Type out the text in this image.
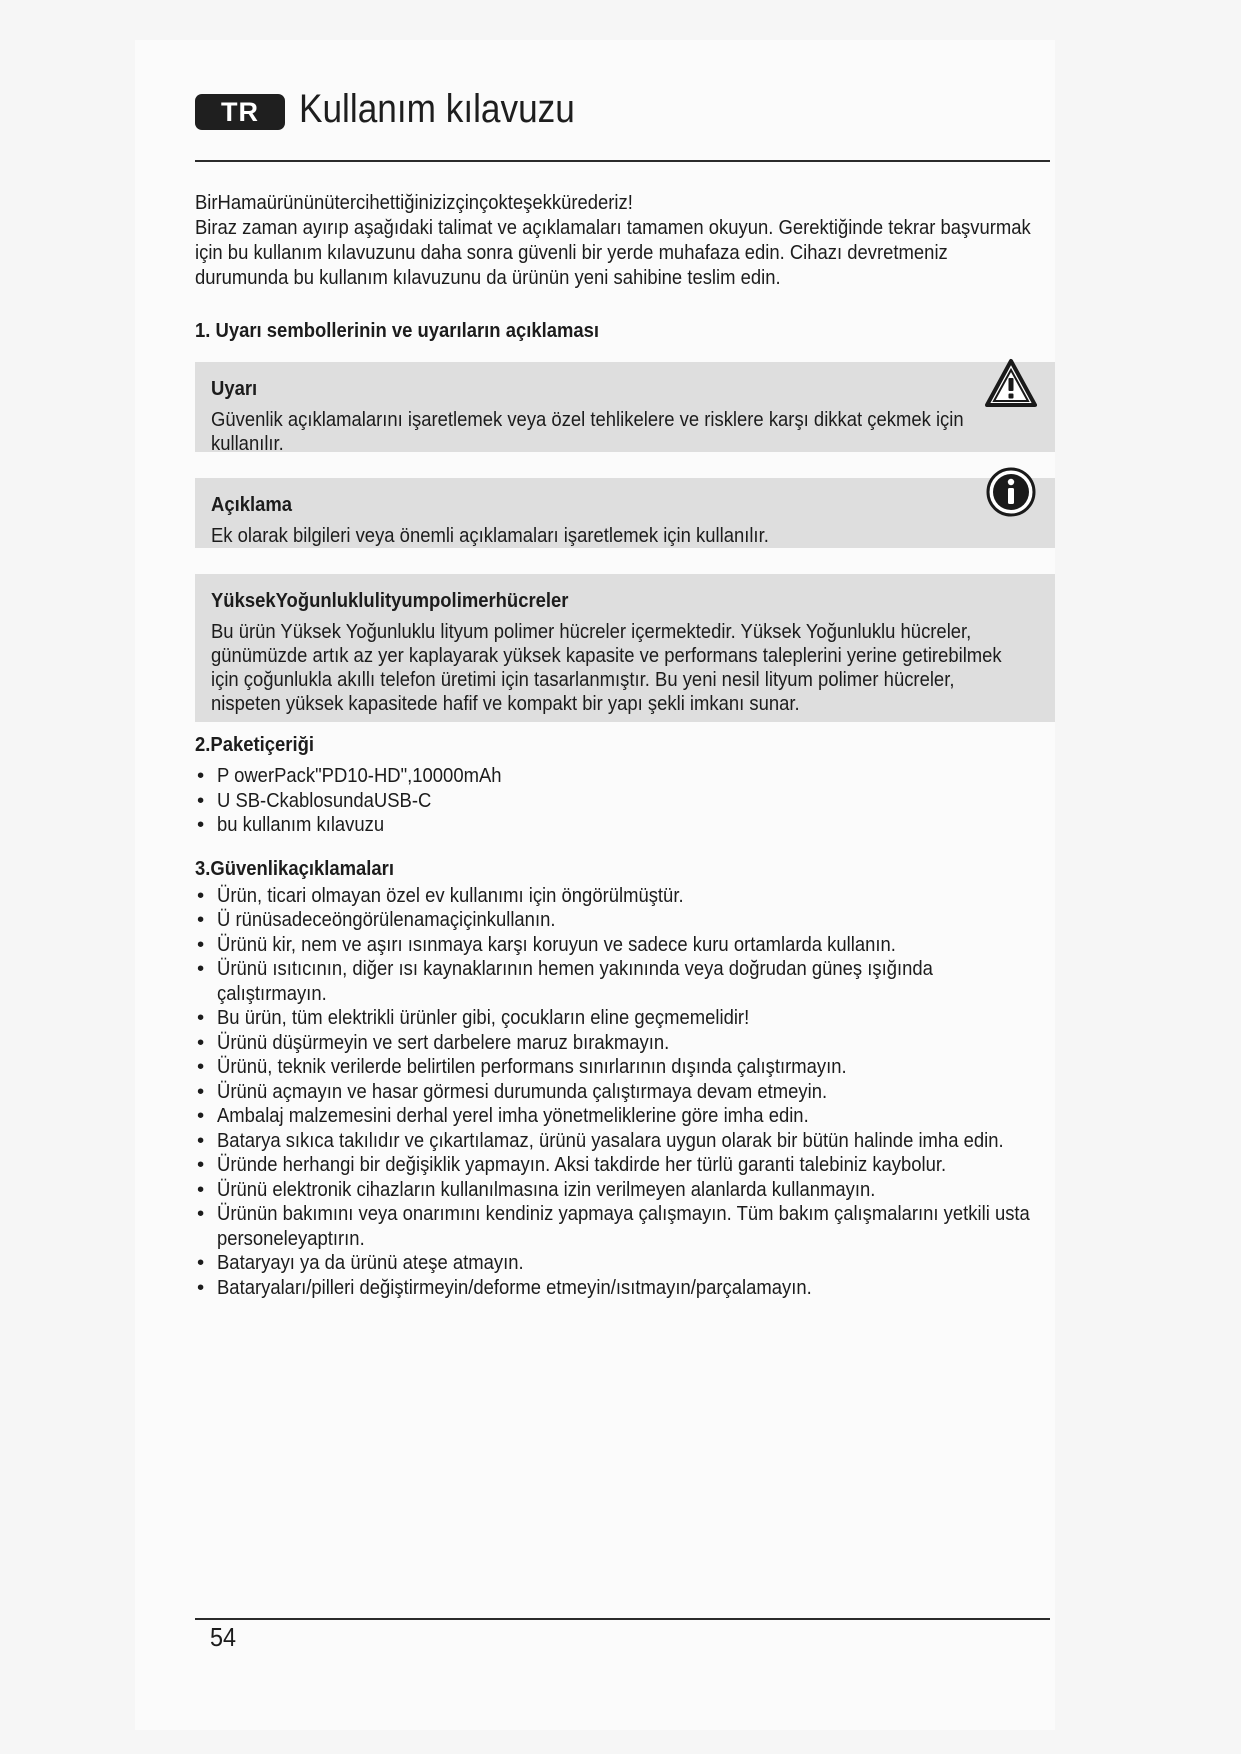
TR	Kullanım kılavuzu

BirHamaürününütercihettiğinizizçinçokteşekkürederiz!

Biraz zaman ayırıp aşağıdaki talimat ve açıklamaları tamamen okuyun. Gerektiğinde tekrar başvurmak

için bu kullanım kılavuzunu daha sonra güvenli bir yerde muhafaza edin. Cihazı devretmeniz

durumunda bu kullanım kılavuzunu da ürünün yeni sahibine teslim edin.

1. Uyarı sembollerinin ve uyarıların açıklaması
Uyarı

Güvenlik açıklamalarını işaretlemek veya özel tehlikelere ve risklere karşı dikkat çekmek için

kullanılır.

Açıklama

Ek olarak bilgileri veya önemli açıklamaları işaretlemek için kullanılır.

YüksekYoğunluklulityumpolimerhücreler

Bu ürün Yüksek Yoğunluklu lityum polimer hücreler içermektedir. Yüksek Yoğunluklu hücreler,

günümüzde artık az yer kaplayarak yüksek kapasite ve performans taleplerini yerine getirebilmek

için çoğunlukla akıllı telefon üretimi için tasarlanmıştır. Bu yeni nesil lityum polimer hücreler,

nispeten yüksek kapasitede hafif ve kompakt bir yapı şekli imkanı sunar.

2.Paketiçeriği
• P owerPack"PD10-HD",10000mAh
• U SB-CkablosundaUSB-C
• bu kullanım kılavuzu
3.Güvenlikaçıklamaları
• Ürün, ticari olmayan özel ev kullanımı için öngörülmüştür.
• Ü rünüsadeceöngörülenamaçiçinkullanın.
• Ürünü kir, nem ve aşırı ısınmaya karşı koruyun ve sadece kuru ortamlarda kullanın.
• Ürünü ısıtıcının, diğer ısı kaynaklarının hemen yakınında veya doğrudan güneş ışığında
çalıştırmayın.
• Bu ürün, tüm elektrikli ürünler gibi, çocukların eline geçmemelidir!
• Ürünü düşürmeyin ve sert darbelere maruz bırakmayın.
• Ürünü, teknik verilerde belirtilen performans sınırlarının dışında çalıştırmayın.
• Ürünü açmayın ve hasar görmesi durumunda çalıştırmaya devam etmeyin.
• Ambalaj malzemesini derhal yerel imha yönetmeliklerine göre imha edin.
• Batarya sıkıca takılıdır ve çıkartılamaz, ürünü yasalara uygun olarak bir bütün halinde imha edin.
• Üründe herhangi bir değişiklik yapmayın. Aksi takdirde her türlü garanti talebiniz kaybolur.
• Ürünü elektronik cihazların kullanılmasına izin verilmeyen alanlarda kullanmayın.
• Ürünün bakımını veya onarımını kendiniz yapmaya çalışmayın. Tüm bakım çalışmalarını yetkili usta
personeleyaptırın.
• Bataryayı ya da ürünü ateşe atmayın.
• Bataryaları/pilleri değiştirmeyin/deforme etmeyin/ısıtmayın/parçalamayın.
54
